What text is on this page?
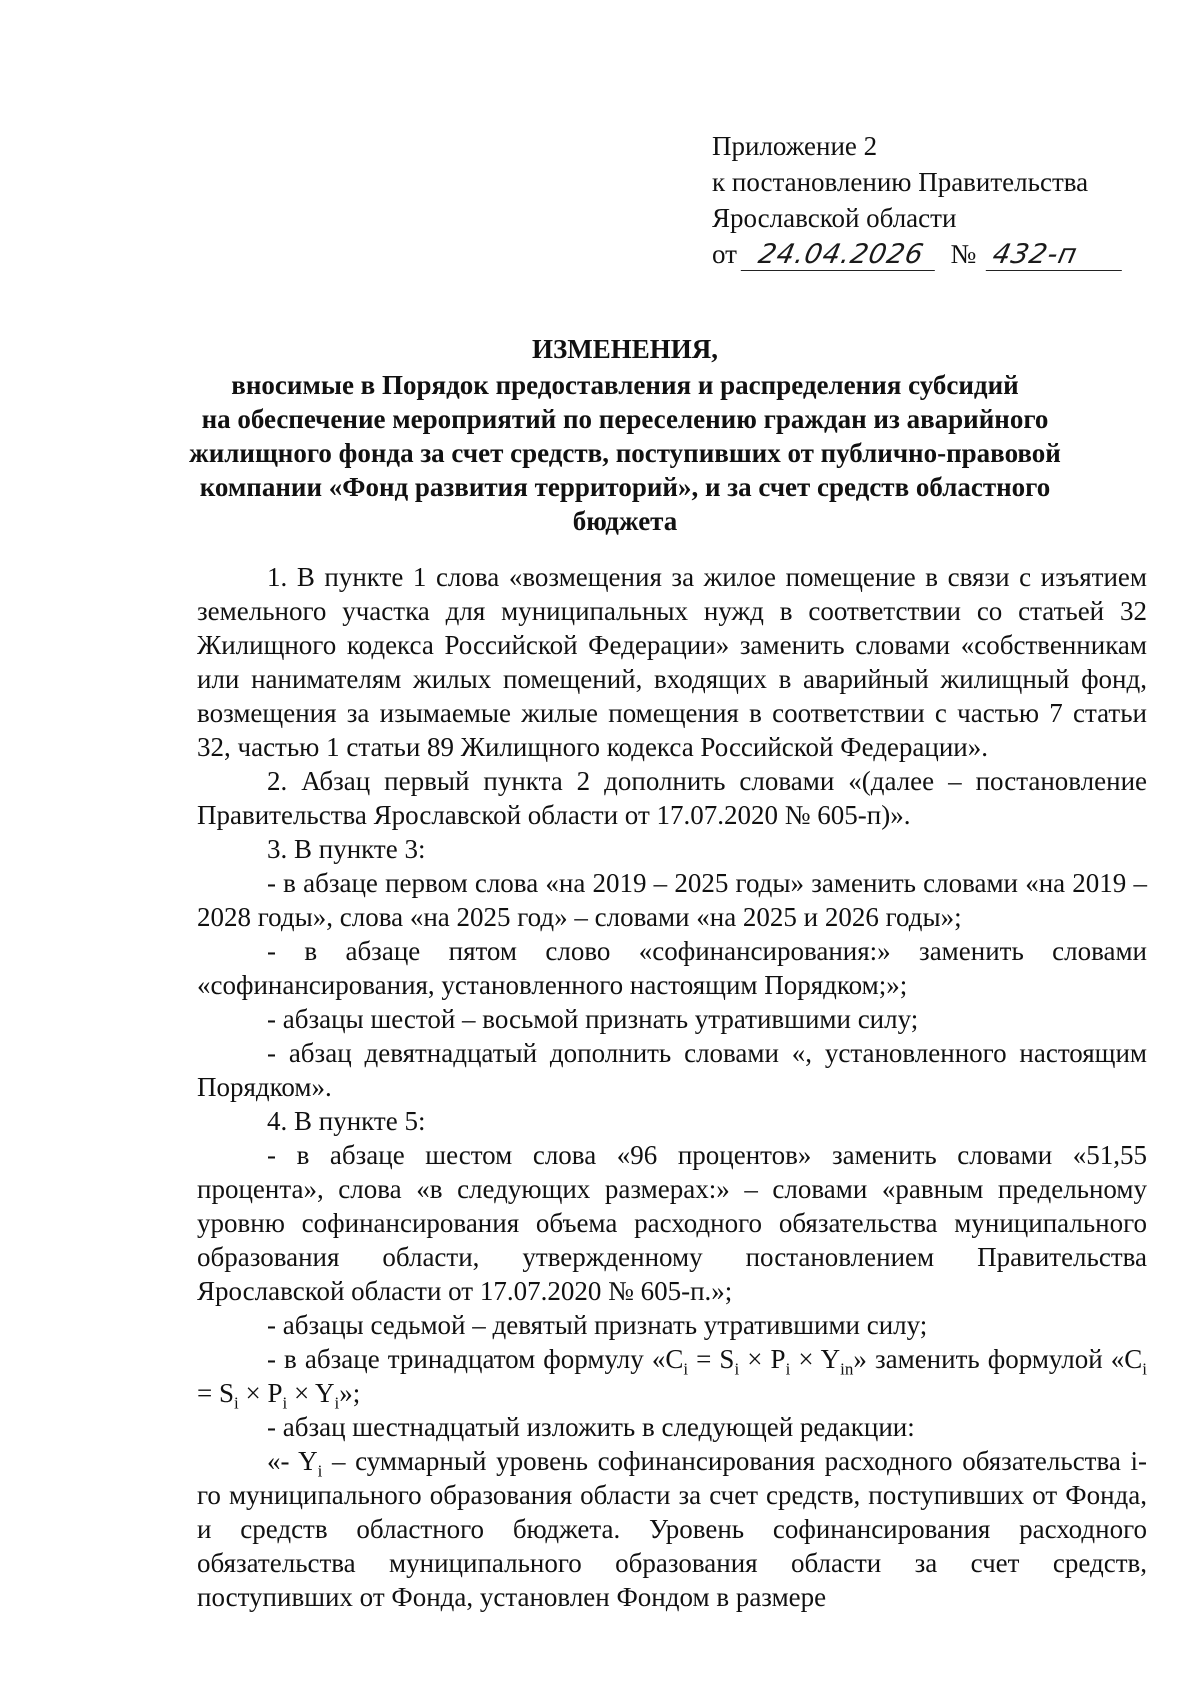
Приложение 2
к постановлению Правительства
Ярославской области
от 24.04.2026 № 432-п
ИЗМЕНЕНИЯ,
вносимые в Порядок предоставления и распределения субсидий
на обеспечение мероприятий по переселению граждан из аварийного
жилищного фонда за счет средств, поступивших от публично-правовой
компании «Фонд развития территорий», и за счет средств областного
бюджета

1. В пункте 1 слова «возмещения за жилое помещение в связи с изъятием земельного участка для муниципальных нужд в соответствии со статьей 32 Жилищного кодекса Российской Федерации» заменить словами «собственникам или нанимателям жилых помещений, входящих в аварийный жилищный фонд, возмещения за изымаемые жилые помещения в соответствии с частью 7 статьи 32, частью 1 статьи 89 Жилищного кодекса Российской Федерации».

2. Абзац первый пункта 2 дополнить словами «(далее – постановление Правительства Ярославской области от 17.07.2020 № 605-п)».

3. В пункте 3:

- в абзаце первом слова «на 2019 – 2025 годы» заменить словами «на 2019 – 2028 годы», слова «на 2025 год» – словами «на 2025 и 2026 годы»;

- в абзаце пятом слово «софинансирования:» заменить словами «софинансирования, установленного настоящим Порядком;»;

- абзацы шестой – восьмой признать утратившими силу;

- абзац девятнадцатый дополнить словами «, установленного настоящим Порядком».

4. В пункте 5:

- в абзаце шестом слова «96 процентов» заменить словами «51,55 процента», слова «в следующих размерах:» – словами «равным предельному уровню софинансирования объема расходного обязательства муниципального образования области, утвержденному постановлением Правительства Ярославской области от 17.07.2020 № 605-п.»;

- абзацы седьмой – девятый признать утратившими силу;

- в абзаце тринадцатом формулу «$C_i = S_i \times P_i \times Y_{in}$» заменить формулой «$C_i = S_i \times P_i \times Y_i$»;

- абзац шестнадцатый изложить в следующей редакции:

«- $Y_i$ – суммарный уровень софинансирования расходного обязательства i-го муниципального образования области за счет средств, поступивших от Фонда, и средств областного бюджета. Уровень софинансирования расходного обязательства муниципального образования области за счет средств, поступивших от Фонда, установлен Фондом в размере
